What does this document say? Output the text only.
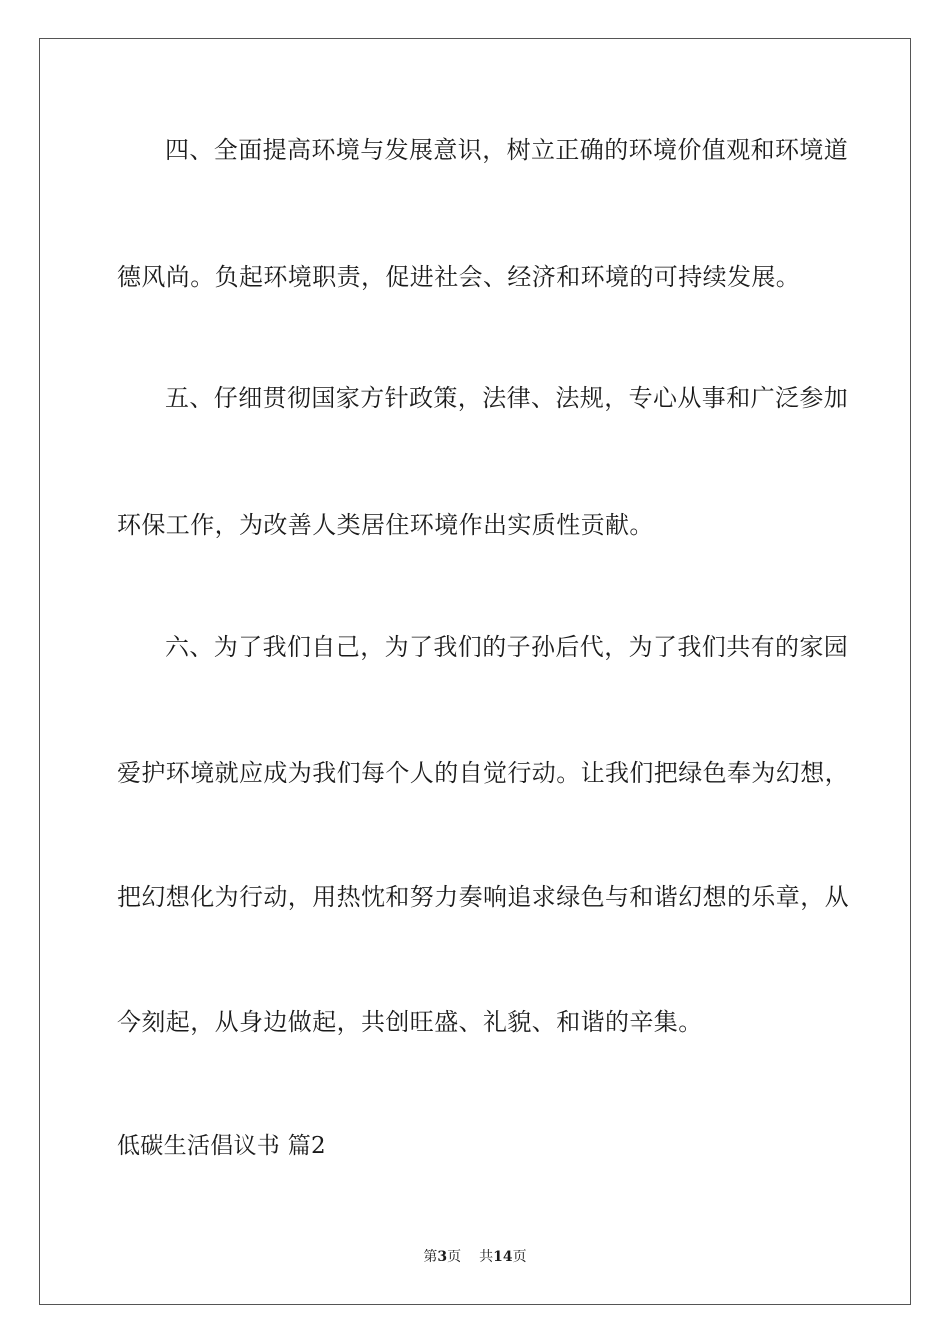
四、全面提高环境与发展意识，树立正确的环境价值观和环境道
德风尚。负起环境职责，促进社会、经济和环境的可持续发展。
五、仔细贯彻国家方针政策，法律、法规，专心从事和广泛参加
环保工作，为改善人类居住环境作出实质性贡献。
六、为了我们自己，为了我们的子孙后代，为了我们共有的家园
爱护环境就应成为我们每个人的自觉行动。让我们把绿色奉为幻想，
把幻想化为行动，用热忱和努力奏响追求绿色与和谐幻想的乐章，从
今刻起，从身边做起，共创旺盛、礼貌、和谐的辛集。
低碳生活倡议书 篇2
第3页 共14页
